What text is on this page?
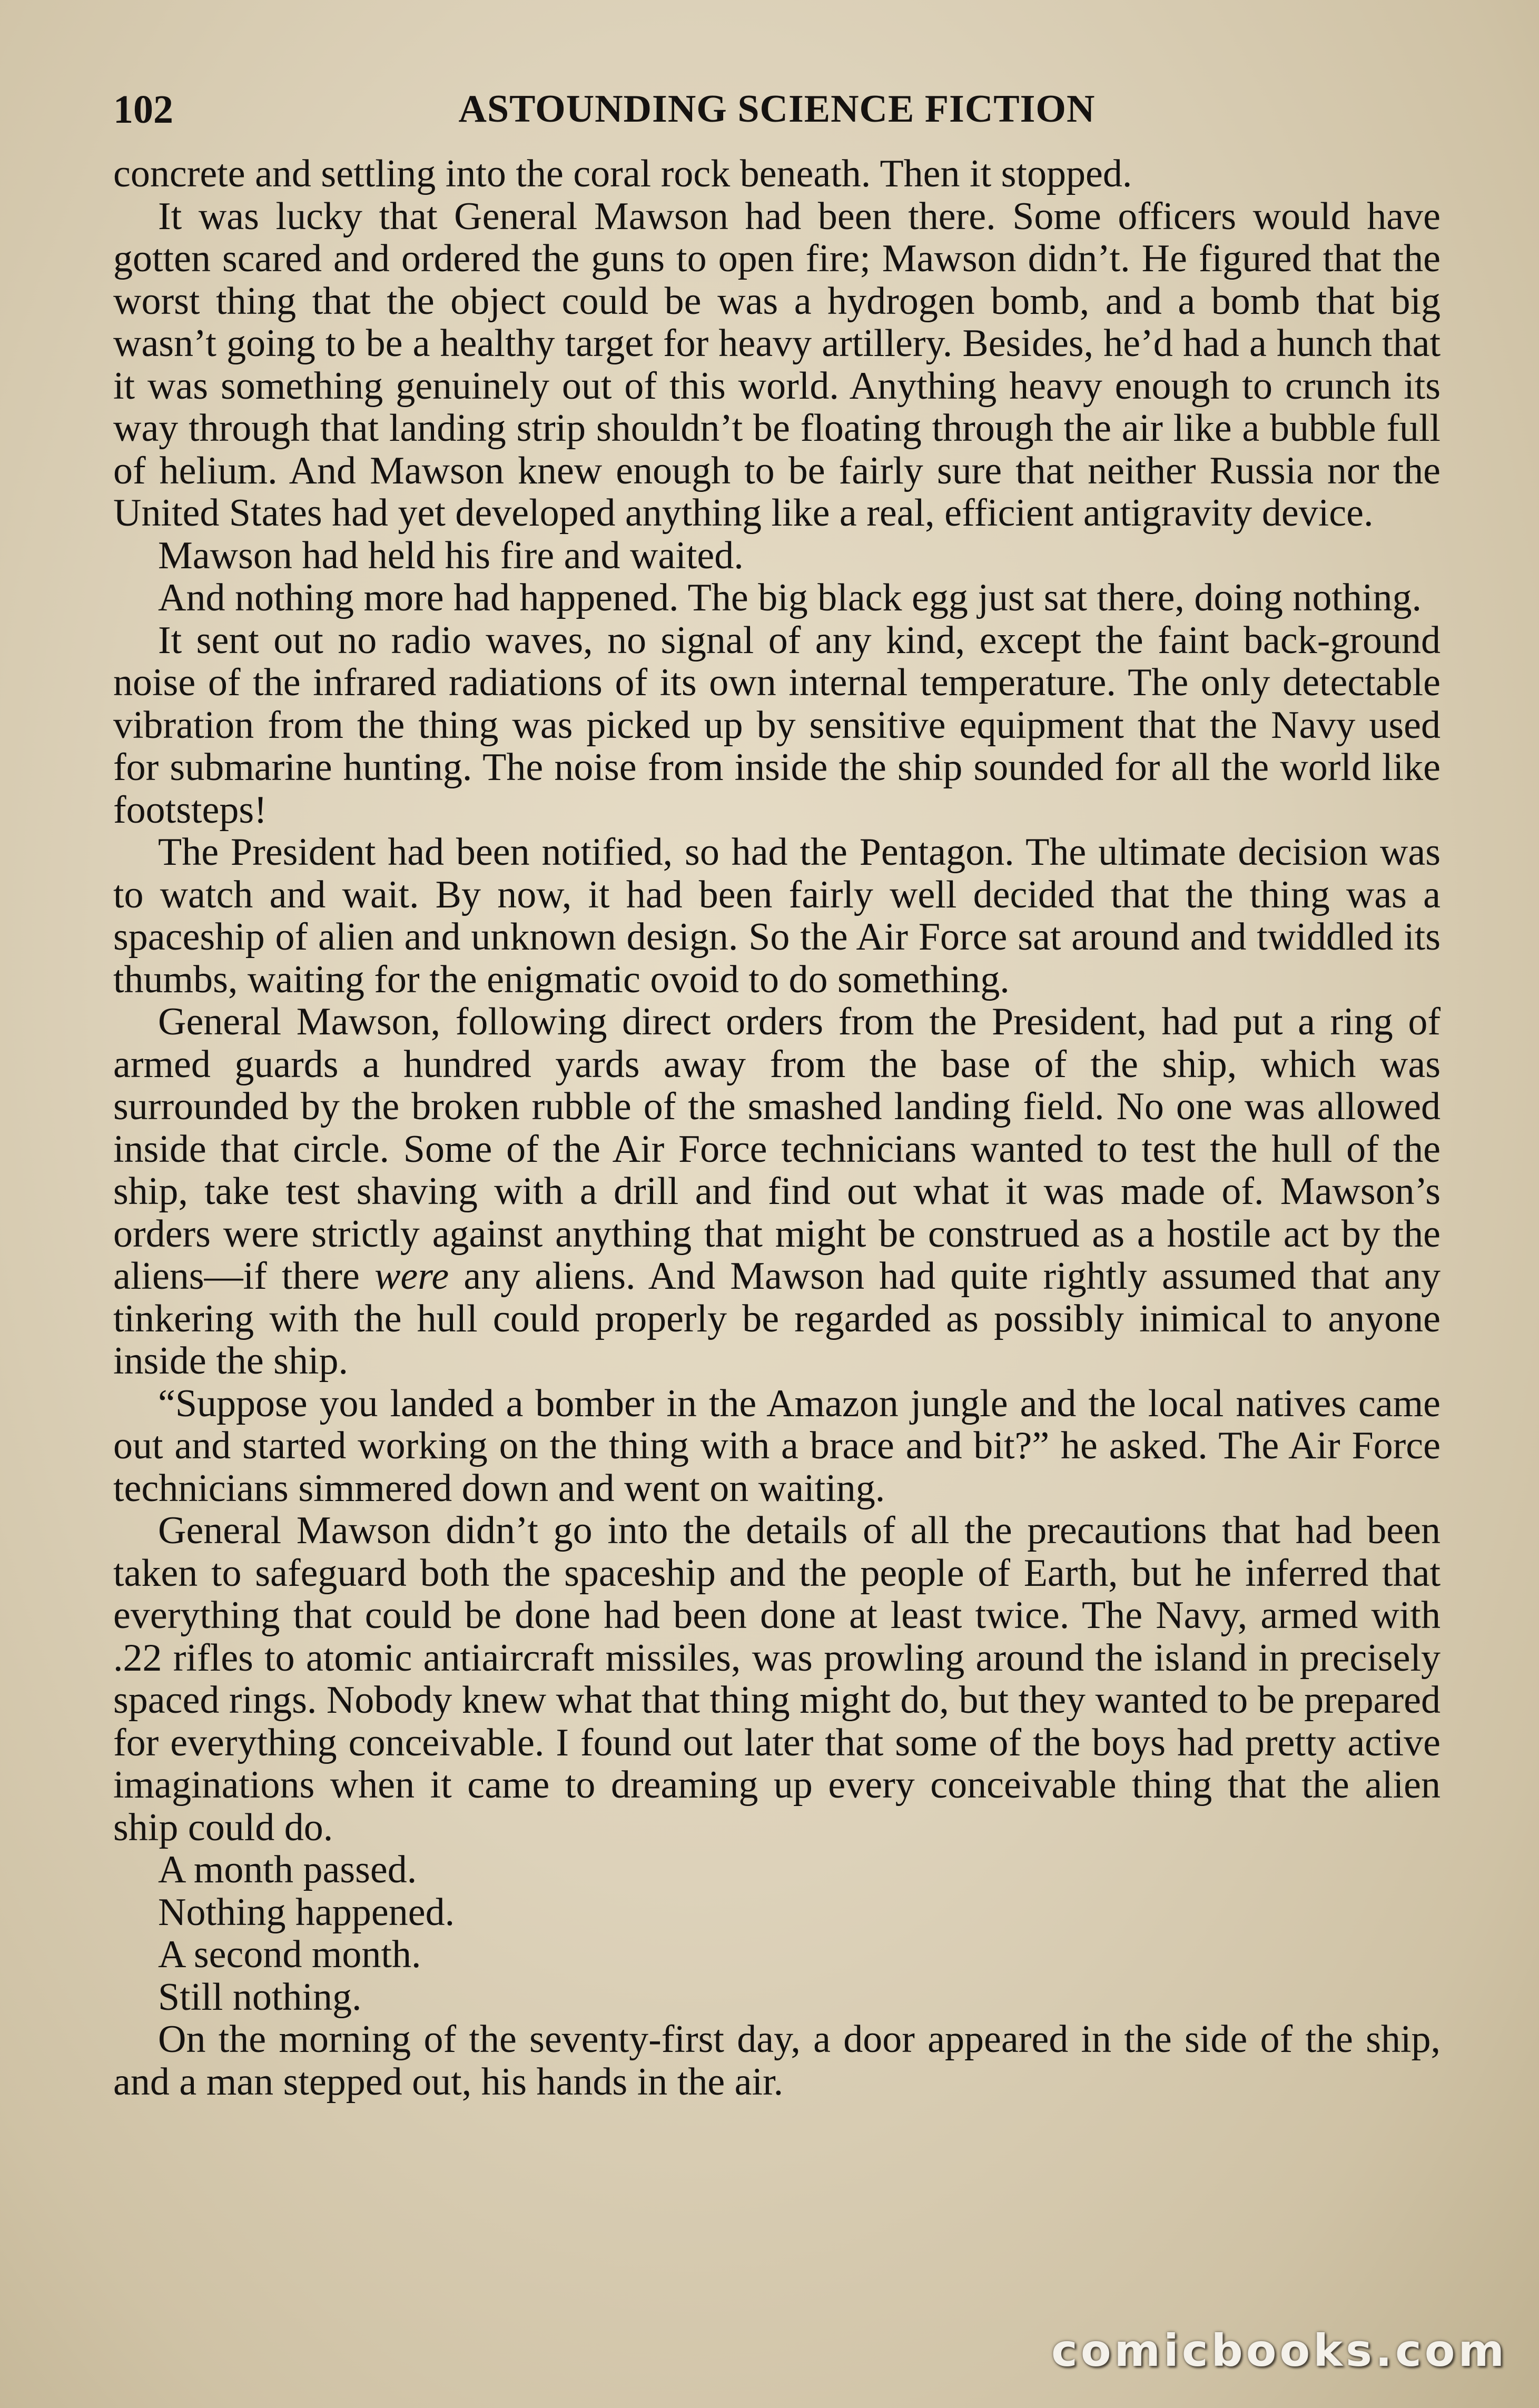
102	ASTOUNDING SCIENCE FICTION

concrete and settling into the coral rock beneath. Then it stopped.

It was lucky that General Mawson had been there. Some officers would have gotten scared and ordered the guns to open fire; Mawson didn’t. He figured that the worst thing that the object could be was a hydrogen bomb, and a bomb that big wasn’t going to be a healthy target for heavy artillery. Besides, he’d had a hunch that it was something genuinely out of this world. Anything heavy enough to crunch its way through that landing strip shouldn’t be floating through the air like a bubble full of helium. And Mawson knew enough to be fairly sure that neither Russia nor the United States had yet developed anything like a real, efficient antigravity device.

Mawson had held his fire and waited.

And nothing more had happened. The big black egg just sat there, doing nothing.

It sent out no radio waves, no signal of any kind, except the faint back-ground noise of the infrared radiations of its own internal temperature. The only detectable vibration from the thing was picked up by sensitive equipment that the Navy used for submarine hunting. The noise from inside the ship sounded for all the world like footsteps!

The President had been notified, so had the Pentagon. The ultimate decision was to watch and wait. By now, it had been fairly well decided that the thing was a spaceship of alien and unknown design. So the Air Force sat around and twiddled its thumbs, waiting for the enigmatic ovoid to do something.

General Mawson, following direct orders from the President, had put a ring of armed guards a hundred yards away from the base of the ship, which was surrounded by the broken rubble of the smashed landing field. No one was allowed inside that circle. Some of the Air Force technicians wanted to test the hull of the ship, take test shaving with a drill and find out what it was made of. Mawson’s orders were strictly against anything that might be construed as a hostile act by the aliens—if there were any aliens. And Mawson had quite rightly assumed that any tinkering with the hull could properly be regarded as possibly inimical to anyone inside the ship.

“Suppose you landed a bomber in the Amazon jungle and the local natives came out and started working on the thing with a brace and bit?” he asked. The Air Force technicians simmered down and went on waiting.

General Mawson didn’t go into the details of all the precautions that had been taken to safeguard both the spaceship and the people of Earth, but he inferred that everything that could be done had been done at least twice. The Navy, armed with .22 rifles to atomic antiaircraft missiles, was prowling around the island in precisely spaced rings. Nobody knew what that thing might do, but they wanted to be prepared for everything conceivable. I found out later that some of the boys had pretty active imaginations when it came to dreaming up every conceivable thing that the alien ship could do.

A month passed.

Nothing happened.

A second month.

Still nothing.

On the morning of the seventy-first day, a door appeared in the side of the ship, and a man stepped out, his hands in the air.

comicbooks.com
